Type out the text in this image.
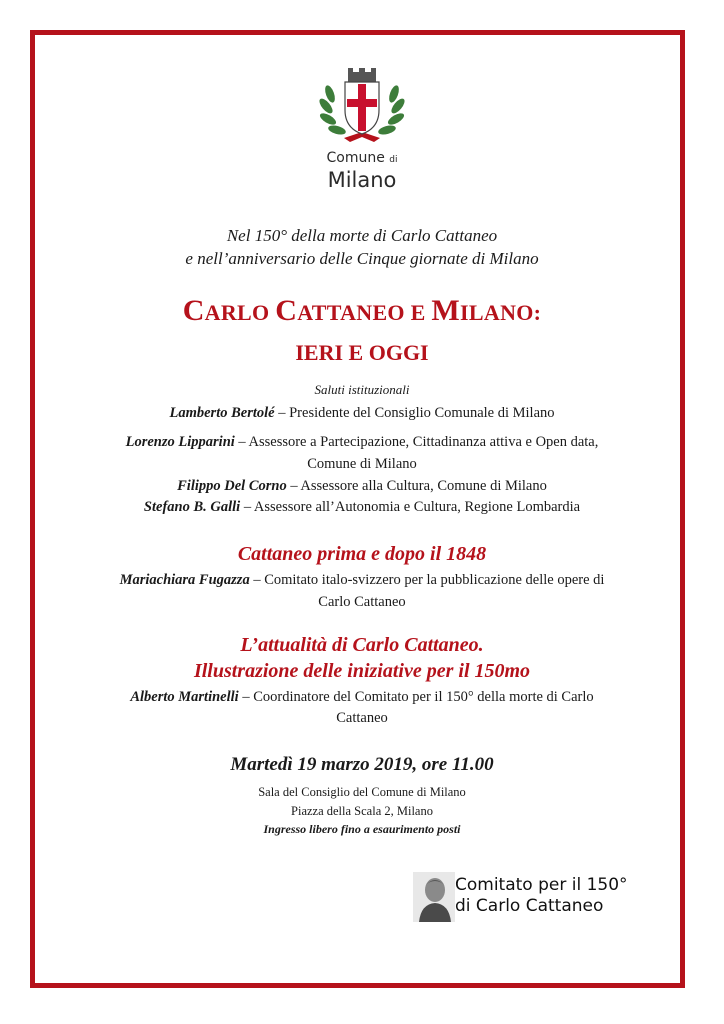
Comune di
Milano
Nel 150° della morte di Carlo Cattaneo
e nell’anniversario delle Cinque giornate di Milano
CARLO CATTANEO E MILANO:
IERI E OGGI
Saluti istituzionali
Lamberto Bertolé – Presidente del Consiglio Comunale di Milano
Lorenzo Lipparini – Assessore a Partecipazione, Cittadinanza attiva e Open data,
Comune di Milano
Filippo Del Corno – Assessore alla Cultura, Comune di Milano
Stefano B. Galli – Assessore all’Autonomia e Cultura, Regione Lombardia
Cattaneo prima e dopo il 1848
Mariachiara Fugazza – Comitato italo-svizzero per la pubblicazione delle opere di
Carlo Cattaneo
L’attualità di Carlo Cattaneo.
Illustrazione delle iniziative per il 150mo
Alberto Martinelli – Coordinatore del Comitato per il 150° della morte di Carlo
Cattaneo
Martedì 19 marzo 2019, ore 11.00
Sala del Consiglio del Comune di Milano
Piazza della Scala 2, Milano
Ingresso libero fino a esaurimento posti
Comitato per il 150°
di Carlo Cattaneo
